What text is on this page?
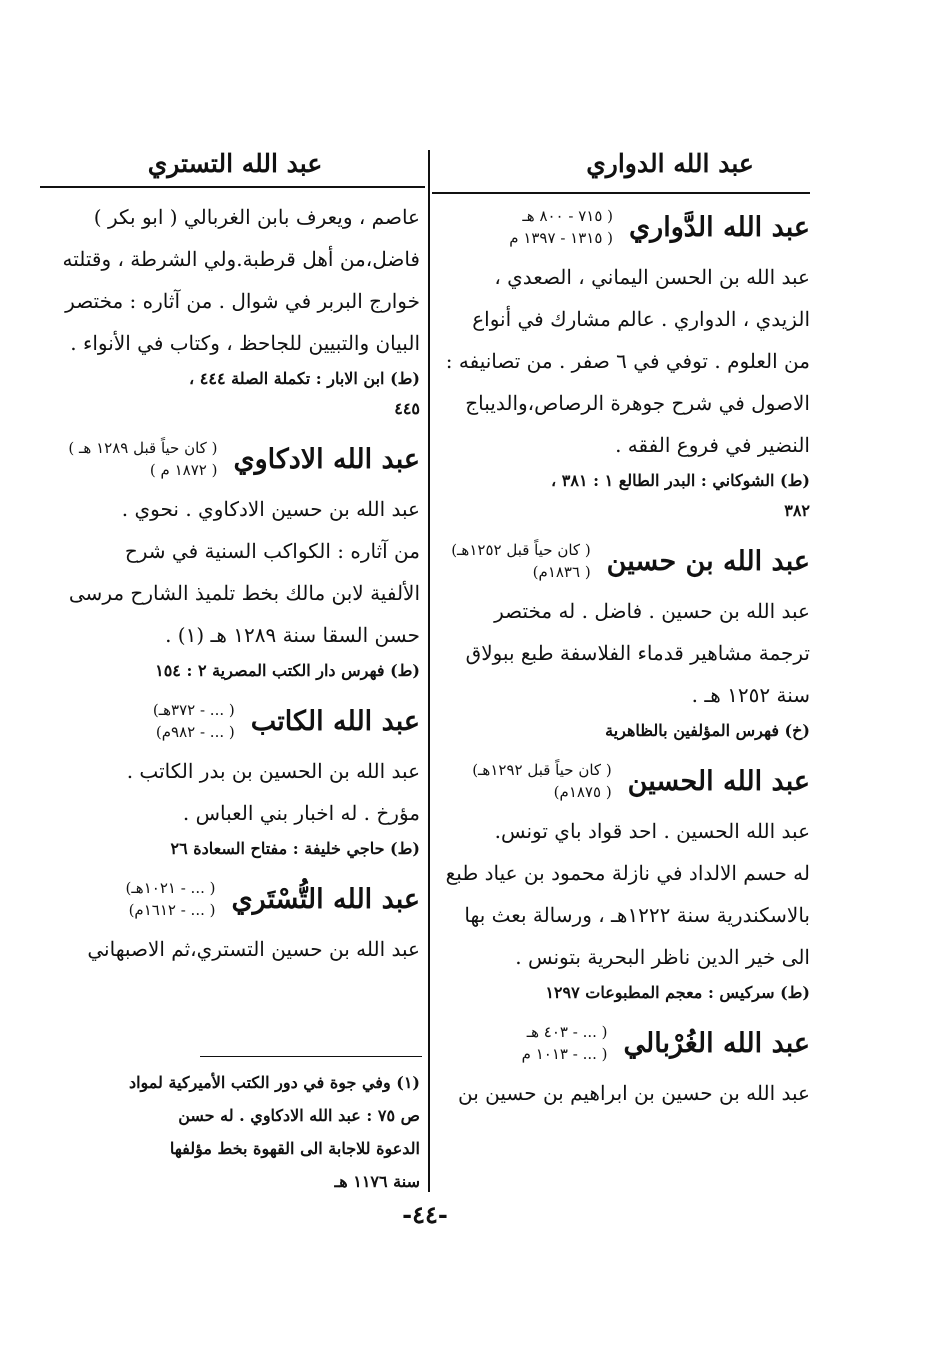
عبد الله الدواري
عبد الله التستري
عبد الله الدَّواري
( ٧١٥ - ٨٠٠ هـ
( ١٣١٥ - ١٣٩٧ م
عبد الله بن الحسن اليماني ، الصعدي ،
الزيدي ، الدواري . عالم مشارك في أنواع
من العلوم . توفي في ٦ صفر . من تصانيفه :
الاصول في شرح جوهرة الرصاص،والديباج
النضير في فروع الفقه .
(ط) الشوكاني : البدر الطالع ١ : ٣٨١ ،
٣٨٢
عبد الله بن حسين
( كان حياً قبل ١٢٥٢هـ)
( ١٨٣٦م)
عبد الله بن حسين . فاضل . له مختصر
ترجمة مشاهير قدماء الفلاسفة طبع ببولاق
سنة ١٢٥٢ هـ .
(خ) فهرس المؤلفين بالظاهرية
عبد الله الحسين
( كان حياً قبل ١٢٩٢هـ)
( ١٨٧٥م)
عبد الله الحسين . احد قواد باي تونس.
له حسم الالداد في نازلة محمود بن عياد طبع
بالاسكندرية سنة ١٢٢٢هـ ، ورسالة بعث بها
الى خير الدين ناظر البحرية بتونس .
(ط) سركيس : معجم المطبوعات ١٢٩٧
عبد الله الغُرْبالي
( ... - ٤٠٣ هـ
( ... - ١٠١٣ م
عبد الله بن حسين بن ابراهيم بن حسين بن
عاصم ، ويعرف بابن الغربالي ( ابو بكر )
فاضل،من أهل قرطبة.ولي الشرطة ، وقتلته
خوارج البربر في شوال . من آثاره : مختصر
البيان والتبيين للجاحظ ، وكتاب في الأنواء .
(ط) ابن الابار : تكملة الصلة ٤٤٤ ،
٤٤٥
عبد الله الادكاوي
( كان حياً قبل ١٢٨٩ هـ )
( ١٨٧٢ م )
عبد الله بن حسين الادكاوي . نحوي .
من آثاره : الكواكب السنية في شرح
الألفية لابن مالك بخط تلميذ الشارح مرسى
حسن السقا سنة ١٢٨٩ هـ (١) .
(ط) فهرس دار الكتب المصرية ٢ : ١٥٤
عبد الله الكاتب
( ... - ٣٧٢هـ)
( ... - ٩٨٢م)
عبد الله بن الحسين بن بدر الكاتب .
مؤرخ . له اخبار بني العباس .
(ط) حاجي خليفة : مفتاح السعادة ٢٦
عبد الله التُّسْتَري
( ... - ١٠٢١هـ)
( ... - ١٦١٢م)
عبد الله بن حسين التستري،ثم الاصبهاني
(١) وفي جوة في دور الكتب الأميركية لمواد
ص ٧٥ : عبد الله الادكاوي . له حسن
الدعوة للاجابة الى القهوة بخط مؤلفها
سنة ١١٧٦ هـ
-٤٤-
